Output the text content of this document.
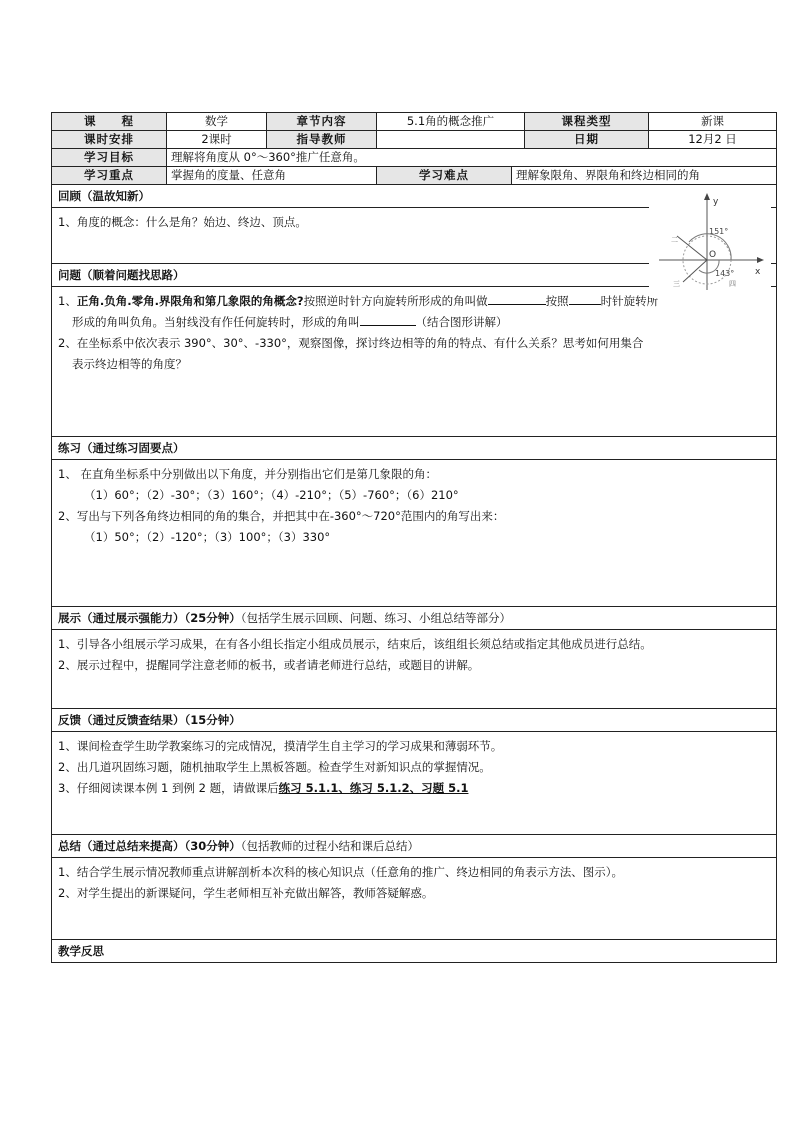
课　　程	数学	章节内容	5.1角的概念推广		课程类型	新课
课时安排	2课时	指导教师			日期	12月2 日
学习目标	理解将角度从 0°～360°推广任意角。					
学习重点	掌握角的度量、任意角		学习难点	理解象限角、界限角和终边相同的角		
回顾（温故知新）						

1、角度的概念：什么是角？始边、终边、顶点。						

问题（顺着问题找思路）						

1、正角.负角.零角.界限角和第几象限的角概念?按照逆时针方向旋转所形成的角叫做 按照 时针旋转所
形成的角叫负角。当射线没有作任何旋转时，形成的角叫 （结合图形讲解）
2、在坐标系中依次表示 390°、30°、-330°，观察图像，探讨终边相等的角的特点、有什么关系？思考如何用集合
表示终边相等的角度？						

练习（通过练习固要点）						

1、 在直角坐标系中分别做出以下角度，并分别指出它们是第几象限的角：
（1）60°；（2）-30°；（3）160°；（4）-210°；（5）-760°；（6）210°
2、写出与下列各角终边相同的角的集合，并把其中在-360°～720°范围内的角写出来：
（1）50°；（2）-120°；（3）100°；（3）330°						

展示（通过展示强能力）（25分钟）（包括学生展示回顾、问题、练习、小组总结等部分）						

1、引导各小组展示学习成果，在有各小组长指定小组成员展示，结束后，该组组长须总结或指定其他成员进行总结。
2、展示过程中，提醒同学注意老师的板书，或者请老师进行总结，或题目的讲解。						

反馈（通过反馈查结果）（15分钟）						

1、课间检查学生助学教案练习的完成情况，摸清学生自主学习的学习成果和薄弱环节。
2、出几道巩固练习题，随机抽取学生上黑板答题。检查学生对新知识点的掌握情况。
3、仔细阅读课本例 1 到例 2 题，请做课后练习 5.1.1、练习 5.1.2、习题 5.1						

总结（通过总结来提高）（30分钟）（包括教师的过程小结和课后总结）						

1、结合学生展示情况教师重点讲解剖析本次科的核心知识点（任意角的推广、终边相同的角表示方法、图示）。
2、对学生提出的新课疑问，学生老师相互补充做出解答，教师答疑解惑。						

教学反思						
y
x
O
151°
143°
二
三	四
